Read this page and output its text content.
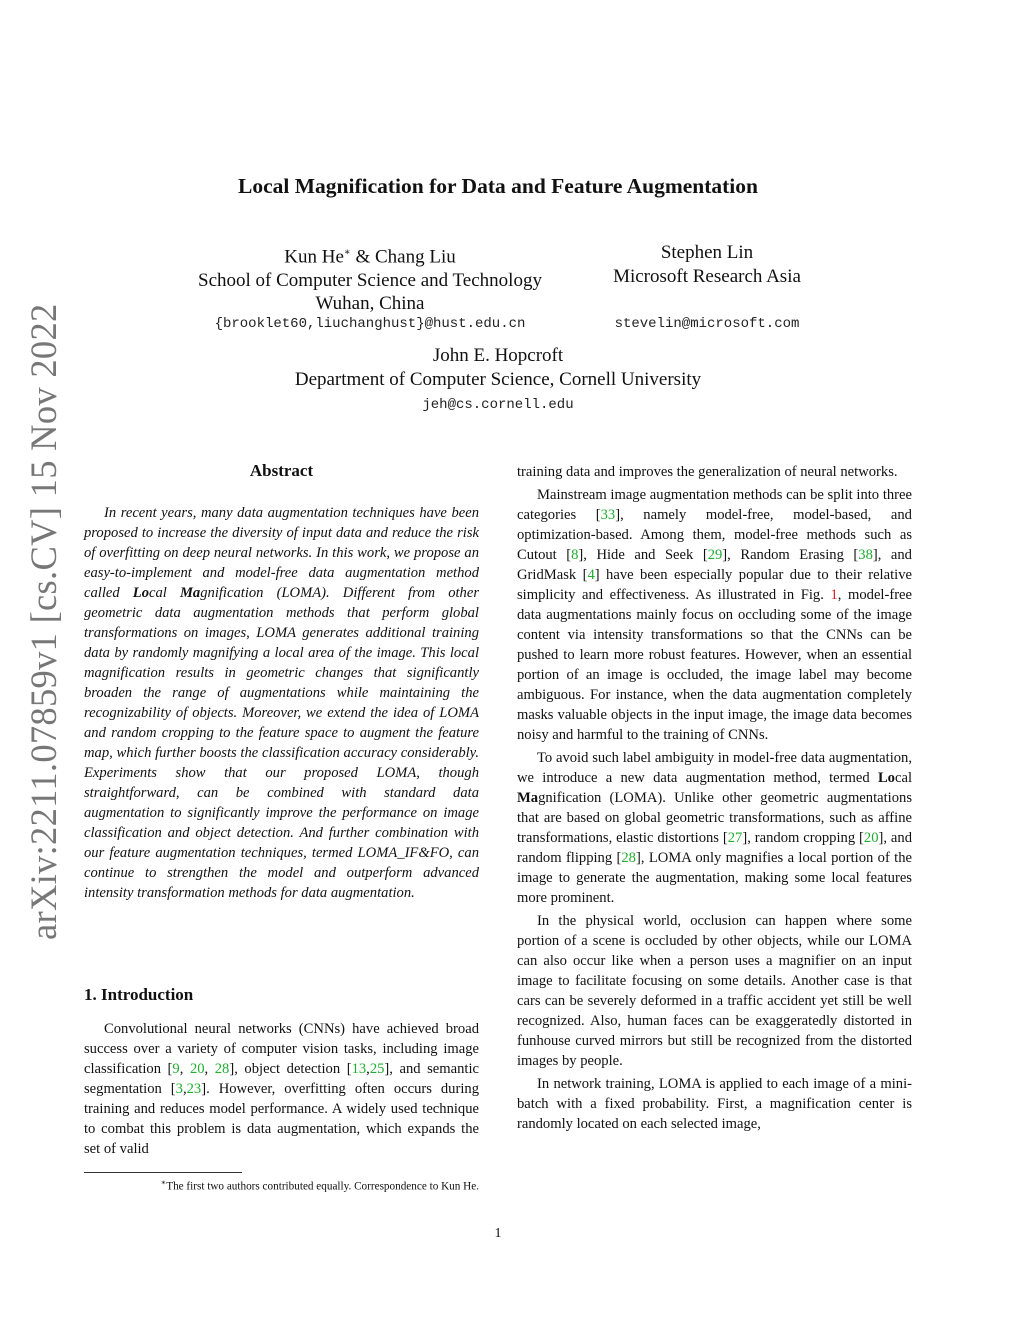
arXiv:2211.07859v1 [cs.CV] 15 Nov 2022
Local Magnification for Data and Feature Augmentation
Kun He∗ & Chang Liu
School of Computer Science and Technology
Wuhan, China
{brooklet60,liuchanghust}@hust.edu.cn
Stephen Lin
Microsoft Research Asia
stevelin@microsoft.com
John E. Hopcroft
Department of Computer Science, Cornell University
jeh@cs.cornell.edu
Abstract

In recent years, many data augmentation techniques have been proposed to increase the diversity of input data and reduce the risk of overfitting on deep neural networks. In this work, we propose an easy-to-implement and model-free data augmentation method called Local Magnification (LOMA). Different from other geometric data augmentation methods that perform global transformations on images, LOMA generates additional training data by randomly magnifying a local area of the image. This local magnification results in geometric changes that significantly broaden the range of augmentations while maintaining the recognizability of objects. Moreover, we extend the idea of LOMA and random cropping to the feature space to augment the feature map, which further boosts the classification accuracy considerably. Experiments show that our proposed LOMA, though straightforward, can be combined with standard data augmentation to significantly improve the performance on image classification and object detection. And further combination with our feature augmentation techniques, termed LOMA_IF&FO, can continue to strengthen the model and outperform advanced intensity transformation methods for data augmentation.

1. Introduction

Convolutional neural networks (CNNs) have achieved broad success over a variety of computer vision tasks, including image classification [9, 20, 28], object detection [13,25], and semantic segmentation [3,23]. However, overfitting often occurs during training and reduces model performance. A widely used technique to combat this problem is data augmentation, which expands the set of valid

training data and improves the generalization of neural networks.

Mainstream image augmentation methods can be split into three categories [33], namely model-free, model-based, and optimization-based. Among them, model-free methods such as Cutout [8], Hide and Seek [29], Random Erasing [38], and GridMask [4] have been especially popular due to their relative simplicity and effectiveness. As illustrated in Fig. 1, model-free data augmentations mainly focus on occluding some of the image content via intensity transformations so that the CNNs can be pushed to learn more robust features. However, when an essential portion of an image is occluded, the image label may become ambiguous. For instance, when the data augmentation completely masks valuable objects in the input image, the image data becomes noisy and harmful to the training of CNNs.

To avoid such label ambiguity in model-free data augmentation, we introduce a new data augmentation method, termed Local Magnification (LOMA). Unlike other geometric augmentations that are based on global geometric transformations, such as affine transformations, elastic distortions [27], random cropping [20], and random flipping [28], LOMA only magnifies a local portion of the image to generate the augmentation, making some local features more prominent.

In the physical world, occlusion can happen where some portion of a scene is occluded by other objects, while our LOMA can also occur like when a person uses a magnifier on an input image to facilitate focusing on some details. Another case is that cars can be severely deformed in a traffic accident yet still be well recognized. Also, human faces can be exaggeratedly distorted in funhouse curved mirrors but still be recognized from the distorted images by people.

In network training, LOMA is applied to each image of a mini-batch with a fixed probability. First, a magnification center is randomly located on each selected image,

∗The first two authors contributed equally. Correspondence to Kun He.
1
